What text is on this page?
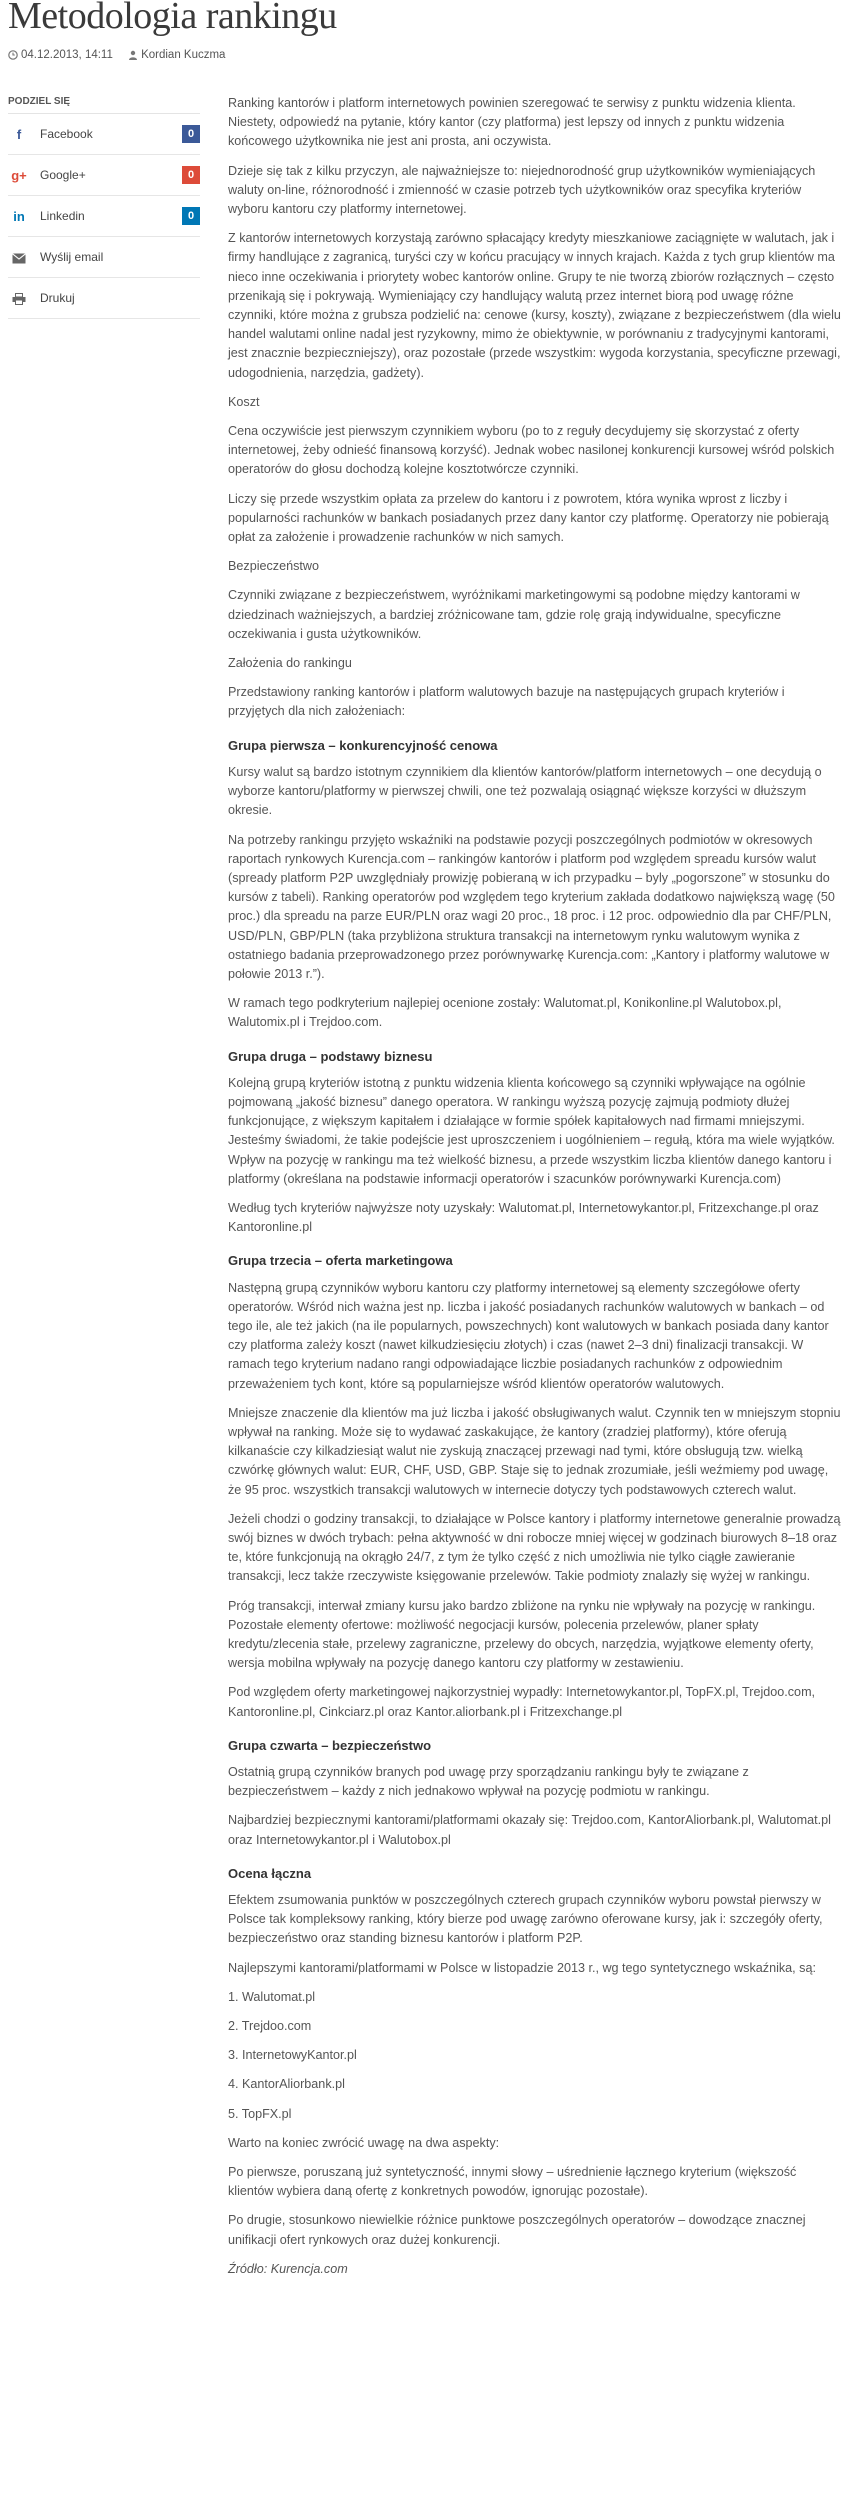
Metodologia rankingu
04.12.2013, 14:11 Kordian Kuczma
PODZIEL SIĘ
f	Facebook	0
g+ Google+	0
in	Linkedin	0
Wyślij email
Drukuj

Ranking kantorów i platform internetowych powinien szeregować te serwisy z punktu widzenia klienta. Niestety, odpowiedź na pytanie, który kantor (czy platforma) jest lepszy od innych z punktu widzenia końcowego użytkownika nie jest ani prosta, ani oczywista.

Dzieje się tak z kilku przyczyn, ale najważniejsze to: niejednorodność grup użytkowników wymieniających waluty on-line, różnorodność i zmienność w czasie potrzeb tych użytkowników oraz specyfika kryteriów wyboru kantoru czy platformy internetowej.

Z kantorów internetowych korzystają zarówno spłacający kredyty mieszkaniowe zaciągnięte w walutach, jak i firmy handlujące z zagranicą, turyści czy w końcu pracujący w innych krajach. Każda z tych grup klientów ma nieco inne oczekiwania i priorytety wobec kantorów online. Grupy te nie tworzą zbiorów rozłącznych – często przenikają się i pokrywają. Wymieniający czy handlujący walutą przez internet biorą pod uwagę różne czynniki, które można z grubsza podzielić na: cenowe (kursy, koszty), związane z bezpieczeństwem (dla wielu handel walutami online nadal jest ryzykowny, mimo że obiektywnie, w porównaniu z tradycyjnymi kantorami, jest znacznie bezpieczniejszy), oraz pozostałe (przede wszystkim: wygoda korzystania, specyficzne przewagi, udogodnienia, narzędzia, gadżety).

Koszt

Cena oczywiście jest pierwszym czynnikiem wyboru (po to z reguły decydujemy się skorzystać z oferty internetowej, żeby odnieść finansową korzyść). Jednak wobec nasilonej konkurencji kursowej wśród polskich operatorów do głosu dochodzą kolejne kosztotwórcze czynniki.

Liczy się przede wszystkim opłata za przelew do kantoru i z powrotem, która wynika wprost z liczby i popularności rachunków w bankach posiadanych przez dany kantor czy platformę. Operatorzy nie pobierają opłat za założenie i prowadzenie rachunków w nich samych.

Bezpieczeństwo

Czynniki związane z bezpieczeństwem, wyróżnikami marketingowymi są podobne między kantorami w dziedzinach ważniejszych, a bardziej zróżnicowane tam, gdzie rolę grają indywidualne, specyficzne oczekiwania i gusta użytkowników.

Założenia do rankingu

Przedstawiony ranking kantorów i platform walutowych bazuje na następujących grupach kryteriów i przyjętych dla nich założeniach:

Grupa pierwsza – konkurencyjność cenowa

Kursy walut są bardzo istotnym czynnikiem dla klientów kantorów/platform internetowych – one decydują o wyborze kantoru/platformy w pierwszej chwili, one też pozwalają osiągnąć większe korzyści w dłuższym okresie.

Na potrzeby rankingu przyjęto wskaźniki na podstawie pozycji poszczególnych podmiotów w okresowych raportach rynkowych Kurencja.com – rankingów kantorów i platform pod względem spreadu kursów walut (spready platform P2P uwzględniały prowizję pobieraną w ich przypadku – byly „pogorszone” w stosunku do kursów z tabeli). Ranking operatorów pod względem tego kryterium zakłada dodatkowo największą wagę (50 proc.) dla spreadu na parze EUR/PLN oraz wagi 20 proc., 18 proc. i 12 proc. odpowiednio dla par CHF/PLN, USD/PLN, GBP/PLN (taka przybliżona struktura transakcji na internetowym rynku walutowym wynika z ostatniego badania przeprowadzonego przez porównywarkę Kurencja.com: „Kantory i platformy walutowe w połowie 2013 r.”).

W ramach tego podkryterium najlepiej ocenione zostały: Walutomat.pl, Konikonline.pl Walutobox.pl, Walutomix.pl i Trejdoo.com.

Grupa druga – podstawy biznesu

Kolejną grupą kryteriów istotną z punktu widzenia klienta końcowego są czynniki wpływające na ogólnie pojmowaną „jakość biznesu” danego operatora. W rankingu wyższą pozycję zajmują podmioty dłużej funkcjonujące, z większym kapitałem i działające w formie spółek kapitałowych nad firmami mniejszymi. Jesteśmy świadomi, że takie podejście jest uproszczeniem i uogólnieniem – regułą, która ma wiele wyjątków. Wpływ na pozycję w rankingu ma też wielkość biznesu, a przede wszystkim liczba klientów danego kantoru i platformy (określana na podstawie informacji operatorów i szacunków porównywarki Kurencja.com)

Według tych kryteriów najwyższe noty uzyskały: Walutomat.pl, Internetowykantor.pl, Fritzexchange.pl oraz Kantoronline.pl

Grupa trzecia – oferta marketingowa

Następną grupą czynników wyboru kantoru czy platformy internetowej są elementy szczegółowe oferty operatorów. Wśród nich ważna jest np. liczba i jakość posiadanych rachunków walutowych w bankach – od tego ile, ale też jakich (na ile popularnych, powszechnych) kont walutowych w bankach posiada dany kantor czy platforma zależy koszt (nawet kilkudziesięciu złotych) i czas (nawet 2–3 dni) finalizacji transakcji. W ramach tego kryterium nadano rangi odpowiadające liczbie posiadanych rachunków z odpowiednim przeważeniem tych kont, które są popularniejsze wśród klientów operatorów walutowych.

Mniejsze znaczenie dla klientów ma już liczba i jakość obsługiwanych walut. Czynnik ten w mniejszym stopniu wpływał na ranking. Może się to wydawać zaskakujące, że kantory (zradziej platformy), które oferują kilkanaście czy kilkadziesiąt walut nie zyskują znaczącej przewagi nad tymi, które obsługują tzw. wielką czwórkę głównych walut: EUR, CHF, USD, GBP. Staje się to jednak zrozumiałe, jeśli weźmiemy pod uwagę, że 95 proc. wszystkich transakcji walutowych w internecie dotyczy tych podstawowych czterech walut.

Jeżeli chodzi o godziny transakcji, to działające w Polsce kantory i platformy internetowe generalnie prowadzą swój biznes w dwóch trybach: pełna aktywność w dni robocze mniej więcej w godzinach biurowych 8–18 oraz te, które funkcjonują na okrągło 24/7, z tym że tylko część z nich umożliwia nie tylko ciągłe zawieranie transakcji, lecz także rzeczywiste księgowanie przelewów. Takie podmioty znalazły się wyżej w rankingu.

Próg transakcji, interwał zmiany kursu jako bardzo zbliżone na rynku nie wpływały na pozycję w rankingu. Pozostałe elementy ofertowe: możliwość negocjacji kursów, polecenia przelewów, planer spłaty kredytu/zlecenia stałe, przelewy zagraniczne, przelewy do obcych, narzędzia, wyjątkowe elementy oferty, wersja mobilna wpływały na pozycję danego kantoru czy platformy w zestawieniu.

Pod względem oferty marketingowej najkorzystniej wypadły: Internetowykantor.pl, TopFX.pl, Trejdoo.com, Kantoronline.pl, Cinkciarz.pl oraz Kantor.aliorbank.pl i Fritzexchange.pl

Grupa czwarta – bezpieczeństwo

Ostatnią grupą czynników branych pod uwagę przy sporządzaniu rankingu były te związane z bezpieczeństwem – każdy z nich jednakowo wpływał na pozycję podmiotu w rankingu.

Najbardziej bezpiecznymi kantorami/platformami okazały się: Trejdoo.com, KantorAliorbank.pl, Walutomat.pl oraz Internetowykantor.pl i Walutobox.pl

Ocena łączna

Efektem zsumowania punktów w poszczególnych czterech grupach czynników wyboru powstał pierwszy w Polsce tak kompleksowy ranking, który bierze pod uwagę zarówno oferowane kursy, jak i: szczegóły oferty, bezpieczeństwo oraz standing biznesu kantorów i platform P2P.

Najlepszymi kantorami/platformami w Polsce w listopadzie 2013 r., wg tego syntetycznego wskaźnika, są:

1. Walutomat.pl

2. Trejdoo.com

3. InternetowyKantor.pl

4. KantorAliorbank.pl

5. TopFX.pl

Warto na koniec zwrócić uwagę na dwa aspekty:

Po pierwsze, poruszaną już syntetyczność, innymi słowy – uśrednienie łącznego kryterium (większość klientów wybiera daną ofertę z konkretnych powodów, ignorując pozostałe).

Po drugie, stosunkowo niewielkie różnice punktowe poszczególnych operatorów – dowodzące znacznej unifikacji ofert rynkowych oraz dużej konkurencji.

Źródło: Kurencja.com
